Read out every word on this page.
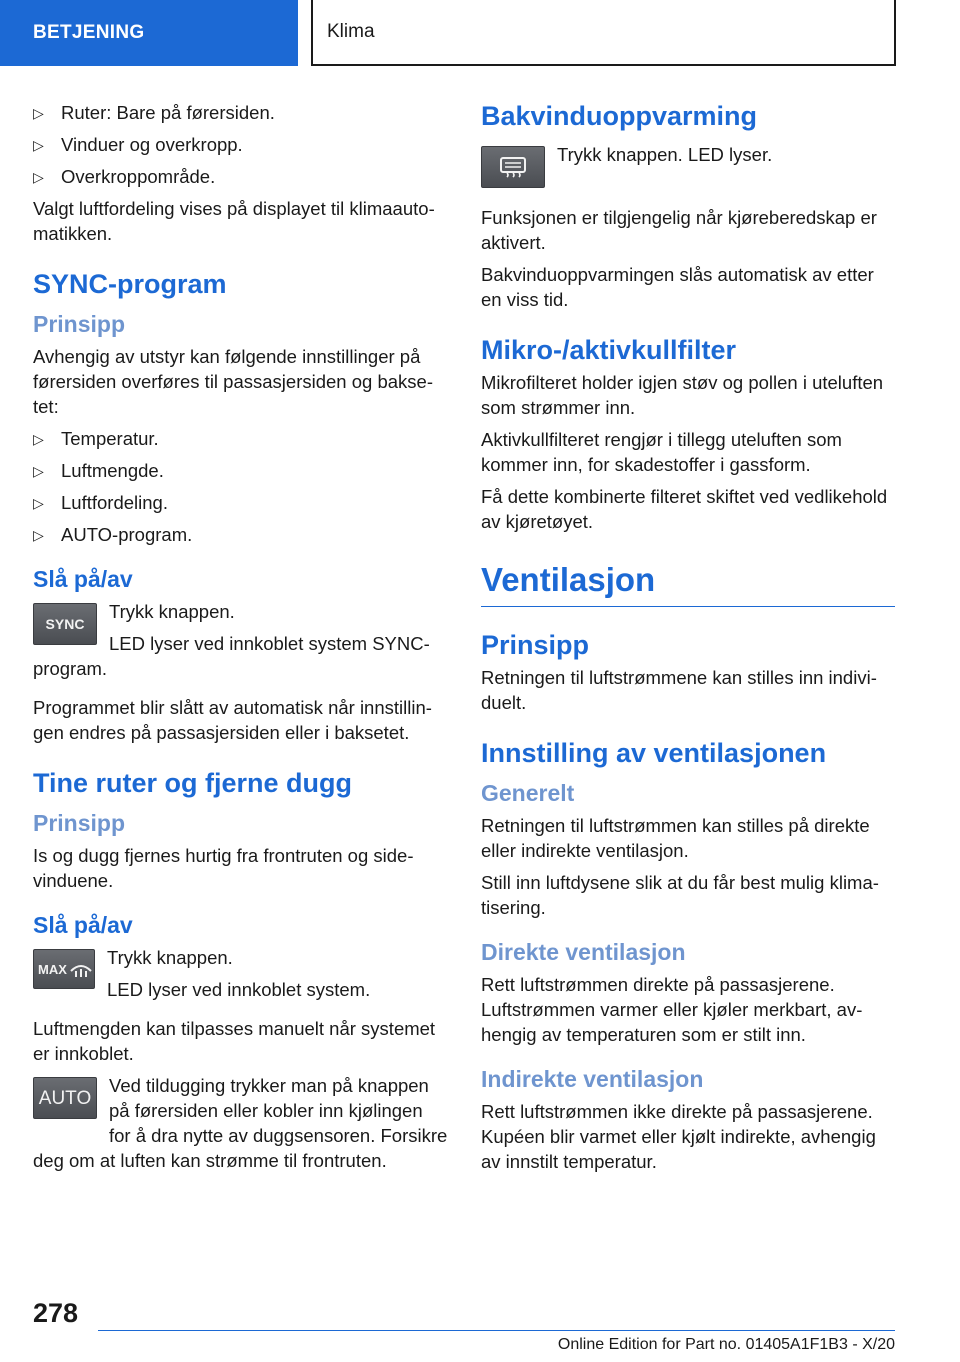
BETJENING	Klima
▷ Ruter: Bare på førersiden.
▷ Vinduer og overkropp.
▷ Overkroppområde.

Valgt luftfordeling vises på displayet til klimaautomatikken.

SYNC-program
Prinsipp

Avhengig av utstyr kan følgende innstillinger på førersiden overføres til passasjersiden og baksetet:

▷ Temperatur.
▷ Luftmengde.
▷ Luftfordeling.
▷ AUTO-program.
Slå på/av
SYNC

Trykk knappen.

LED lyser ved innkoblet system SYNC-program.

Programmet blir slått av automatisk når innstillingen endres på passasjersiden eller i baksetet.

Tine ruter og fjerne dugg
Prinsipp

Is og dugg fjernes hurtig fra frontruten og sidevinduene.

Slå på/av
MAX

Trykk knappen.

LED lyser ved innkoblet system.

Luftmengden kan tilpasses manuelt når systemet er innkoblet.

AUTO

Ved tildugging trykker man på knappen på førersiden eller kobler inn kjølingen for å dra nytte av duggsensoren. Forsikre deg om at luften kan strømme til frontruten.

Bakvinduoppvarming

Trykk knappen. LED lyser.

Funksjonen er tilgjengelig når kjøreberedskap er aktivert.

Bakvinduoppvarmingen slås automatisk av etter en viss tid.

Mikro-/aktivkullfilter

Mikrofilteret holder igjen støv og pollen i uteluften som strømmer inn.

Aktivkullfilteret rengjør i tillegg uteluften som kommer inn, for skadestoffer i gassform.

Få dette kombinerte filteret skiftet ved vedlikehold av kjøretøyet.

Ventilasjon
Prinsipp

Retningen til luftstrømmene kan stilles inn individuelt.

Innstilling av ventilasjonen
Generelt

Retningen til luftstrømmen kan stilles på direkte eller indirekte ventilasjon.

Still inn luftdysene slik at du får best mulig klimatisering.

Direkte ventilasjon

Rett luftstrømmen direkte på passasjerene. Luftstrømmen varmer eller kjøler merkbart, avhengig av temperaturen som er stilt inn.

Indirekte ventilasjon

Rett luftstrømmen ikke direkte på passasjerene. Kupéen blir varmet eller kjølt indirekte, avhengig av innstilt temperatur.

278
Online Edition for Part no. 01405A1F1B3 - X/20
